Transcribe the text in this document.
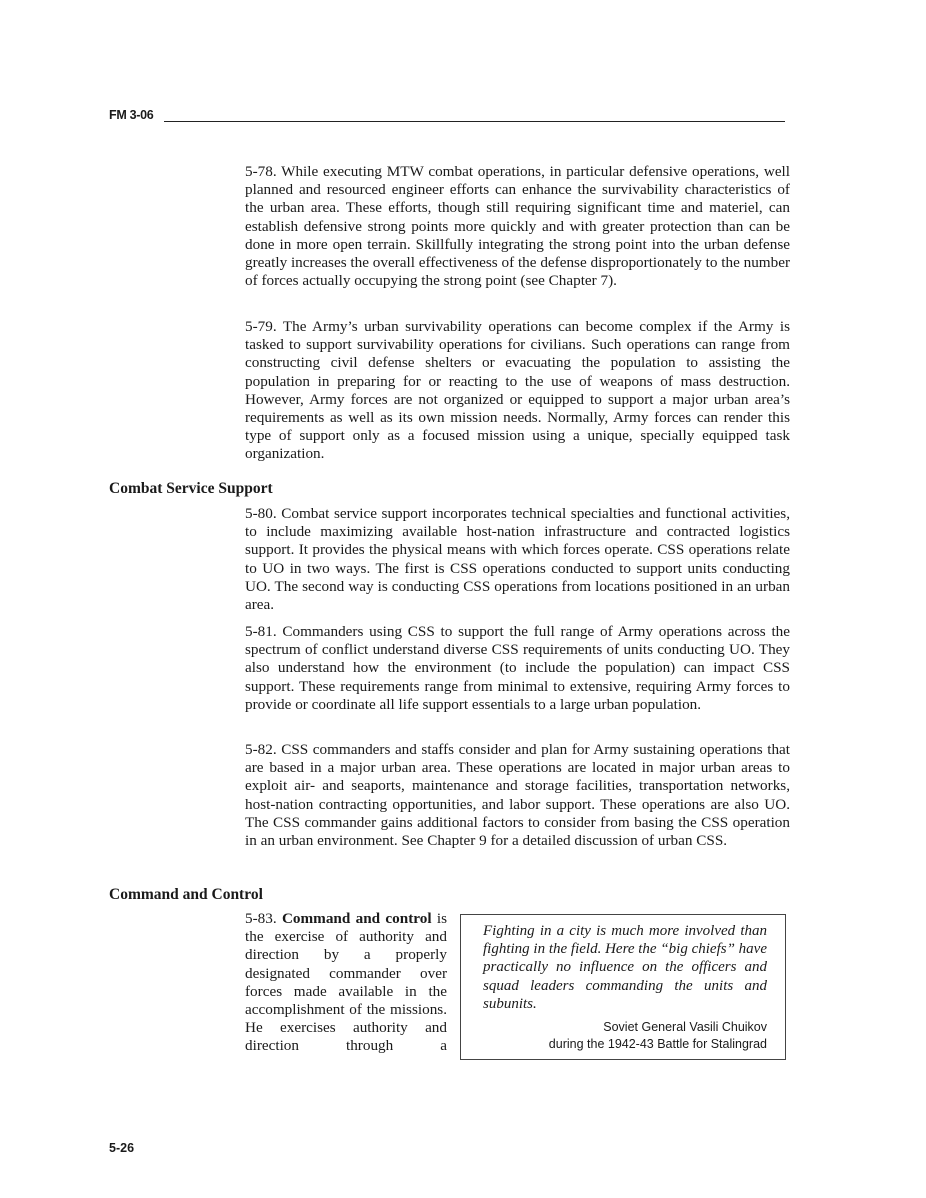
FM 3-06

5-78. While executing MTW combat operations, in particular defensive operations, well planned and resourced engineer efforts can enhance the survivability characteristics of the urban area. These efforts, though still requiring significant time and materiel, can establish defensive strong points more quickly and with greater protection than can be done in more open terrain. Skillfully integrating the strong point into the urban defense greatly increases the overall effectiveness of the defense disproportionately to the number of forces actually occupying the strong point (see Chapter 7).

5-79. The Army’s urban survivability operations can become complex if the Army is tasked to support survivability operations for civilians. Such operations can range from constructing civil defense shelters or evacuating the population to assisting the population in preparing for or reacting to the use of weapons of mass destruction. However, Army forces are not organized or equipped to support a major urban area’s requirements as well as its own mission needs. Normally, Army forces can render this type of support only as a focused mission using a unique, specially equipped task organization.

Combat Service Support

5-80. Combat service support incorporates technical specialties and functional activities, to include maximizing available host-nation infrastructure and contracted logistics support. It provides the physical means with which forces operate. CSS operations relate to UO in two ways. The first is CSS operations conducted to support units conducting UO. The second way is conducting CSS operations from locations positioned in an urban area.

5-81. Commanders using CSS to support the full range of Army operations across the spectrum of conflict understand diverse CSS requirements of units conducting UO. They also understand how the environment (to include the population) can impact CSS support. These requirements range from minimal to extensive, requiring Army forces to provide or coordinate all life support essentials to a large urban population.

5-82. CSS commanders and staffs consider and plan for Army sustaining operations that are based in a major urban area. These operations are located in major urban areas to exploit air- and seaports, maintenance and storage facilities, transportation networks, host-nation contracting opportunities, and labor support. These operations are also UO. The CSS commander gains additional factors to consider from basing the CSS operation in an urban environment. See Chapter 9 for a detailed discussion of urban CSS.

Command and Control
5-83. Command and control is the exercise of authority and direction by a properly designated commander over forces made available in the accomplishment of the missions. He exercises authority and direction through a

Fighting in a city is much more involved than fighting in the field. Here the “big chiefs” have practically no influence on the officers and squad leaders commanding the units and subunits.

Soviet General Vasili Chuikov
during the 1942-43 Battle for Stalingrad
5-26
